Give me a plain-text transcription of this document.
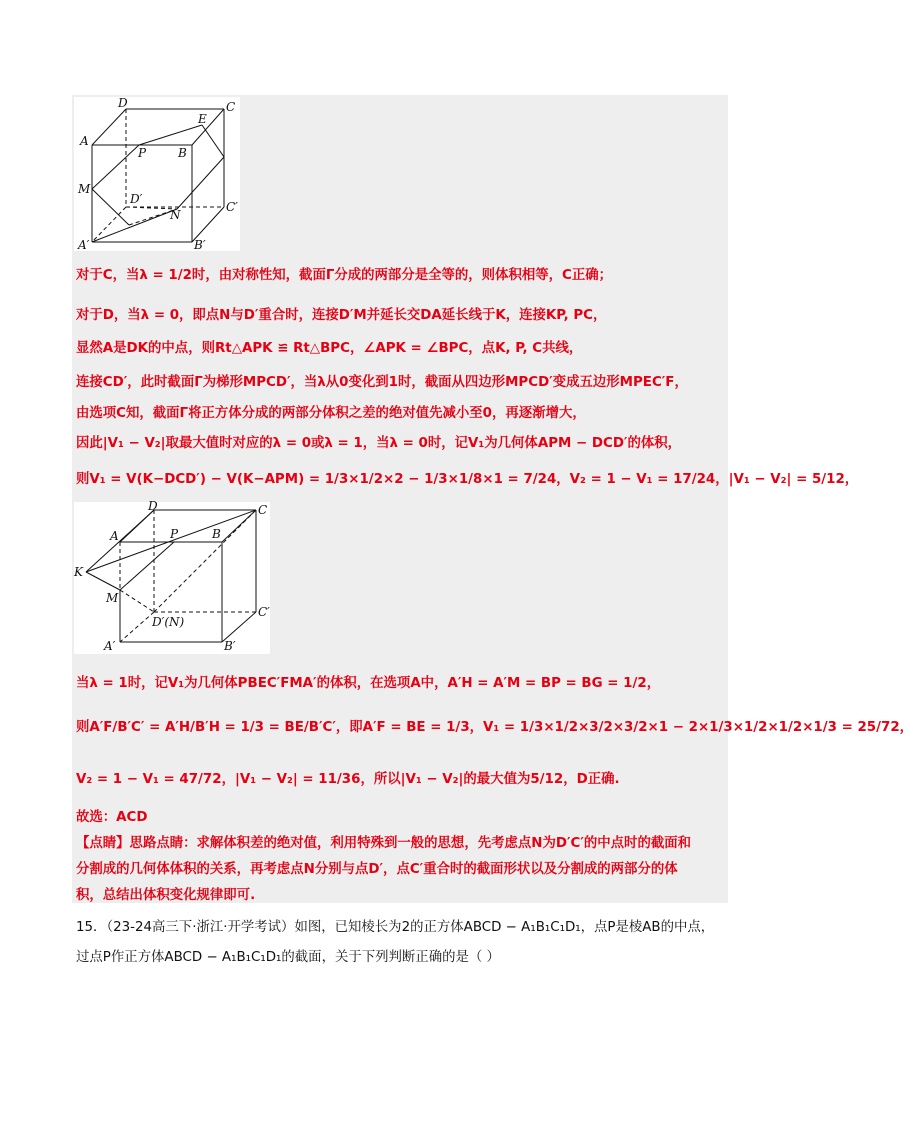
D	C
A
E
P	B
M
D′
N
C′
A′	B′
对于C，当λ = 1/2时，由对称性知，截面Γ分成的两部分是全等的，则体积相等，C正确；
对于D，当λ = 0，即点N与D′重合时，连接D′M并延长交DA延长线于K，连接KP, PC，
显然A是DK的中点，则Rt△APK ≌ Rt△BPC，∠APK = ∠BPC，点K, P, C共线，
连接CD′，此时截面Γ为梯形MPCD′，当λ从0变化到1时，截面从四边形MPCD′变成五边形MPEC′F，
由选项C知，截面Γ将正方体分成的两部分体积之差的绝对值先减小至0，再逐渐增大，
因此|V₁ − V₂|取最大值时对应的λ = 0或λ = 1，当λ = 0时，记V₁为几何体APM − DCD′的体积，
则V₁ = V(K−DCD′) − V(K−APM) = 1/3×1/2×2 − 1/3×1/8×1 = 7/24，V₂ = 1 − V₁ = 17/24，|V₁ − V₂| = 5/12，
D	C
A	P	B
K
M
D′(N)
C′
A′	B′
当λ = 1时，记V₁为几何体PBEC′FMA′的体积，在选项A中，A′H = A′M = BP = BG = 1/2，
则A′F/B′C′ = A′H/B′H = 1/3 = BE/B′C′，即A′F = BE = 1/3，V₁ = 1/3×1/2×3/2×3/2×1 − 2×1/3×1/2×1/2×1/3 = 25/72，
V₂ = 1 − V₁ = 47/72，|V₁ − V₂| = 11/36，所以|V₁ − V₂|的最大值为5/12，D正确.
故选：ACD
【点睛】思路点睛：求解体积差的绝对值，利用特殊到一般的思想，先考虑点N为D′C′的中点时的截面和
分割成的几何体体积的关系，再考虑点N分别与点D′，点C′重合时的截面形状以及分割成的两部分的体
积，总结出体积变化规律即可.
15．（23-24高三下·浙江·开学考试）如图，已知棱长为2的正方体ABCD − A₁B₁C₁D₁，点P是棱AB的中点，
过点P作正方体ABCD − A₁B₁C₁D₁的截面，关于下列判断正确的是（ ）
